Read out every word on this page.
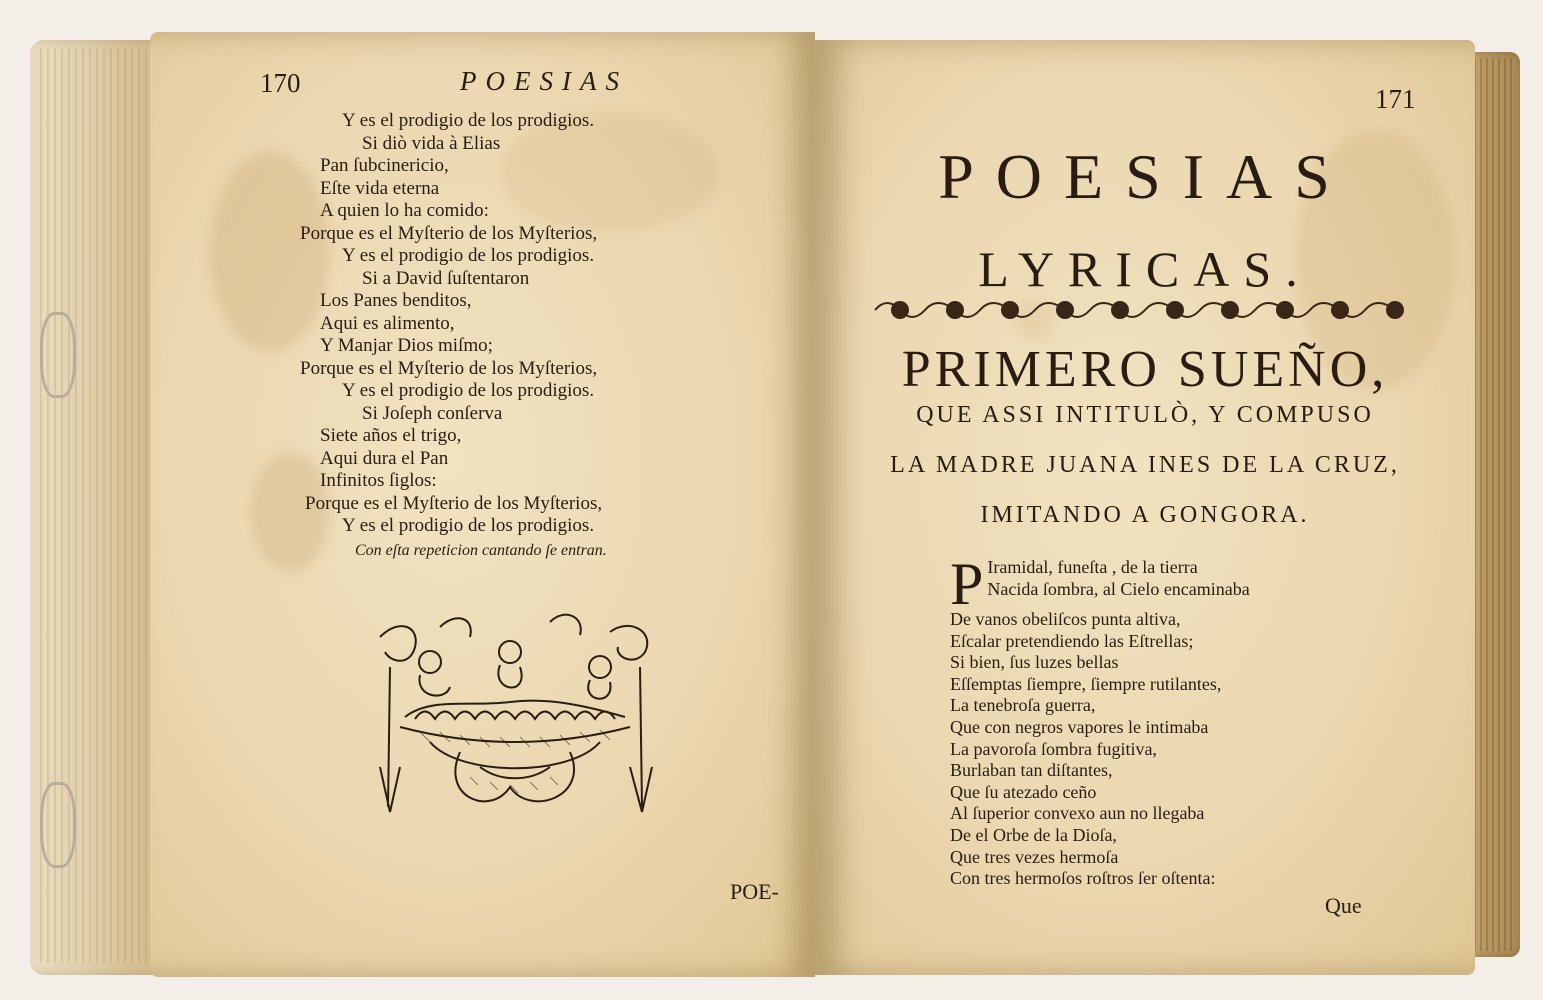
170	POESIAS
Y es el prodigio de los prodigios.
Si diò vida à Elias
Pan ſubcinericio,
Eſte vida eterna
A quien lo ha comido:
Porque es el Myſterio de los Myſterios,
Y es el prodigio de los prodigios.
Si a David ſuſtentaron
Los Panes benditos,
Aqui es alimento,
Y Manjar Dios miſmo;
Porque es el Myſterio de los Myſterios,
Y es el prodigio de los prodigios.
Si Joſeph conſerva
Siete años el trigo,
Aqui dura el Pan
Infinitos ſiglos:
Porque es el Myſterio de los Myſterios,
Y es el prodigio de los prodigios.
Con eſta repeticion cantando ſe entran.
POE-
171
POESIAS
LYRICAS.
PRIMERO SUEÑO,
QUE ASSI INTITULÒ, Y COMPUSO
LA MADRE JUANA INES DE LA CRUZ,
IMITANDO A GONGORA.
P Iramidal, funeſta , de la tierra
Nacida ſombra, al Cielo encaminaba
De vanos obeliſcos punta altiva,
Eſcalar pretendiendo las Eſtrellas;
Si bien, ſus luzes bellas
Eſſemptas ſiempre, ſiempre rutilantes,
La tenebroſa guerra,
Que con negros vapores le intimaba
La pavoroſa ſombra fugitiva,
Burlaban tan diſtantes,
Que ſu atezado ceño
Al ſuperior convexo aun no llegaba
De el Orbe de la Dioſa,
Que tres vezes hermoſa
Con tres hermoſos roſtros ſer oſtenta:
Que
